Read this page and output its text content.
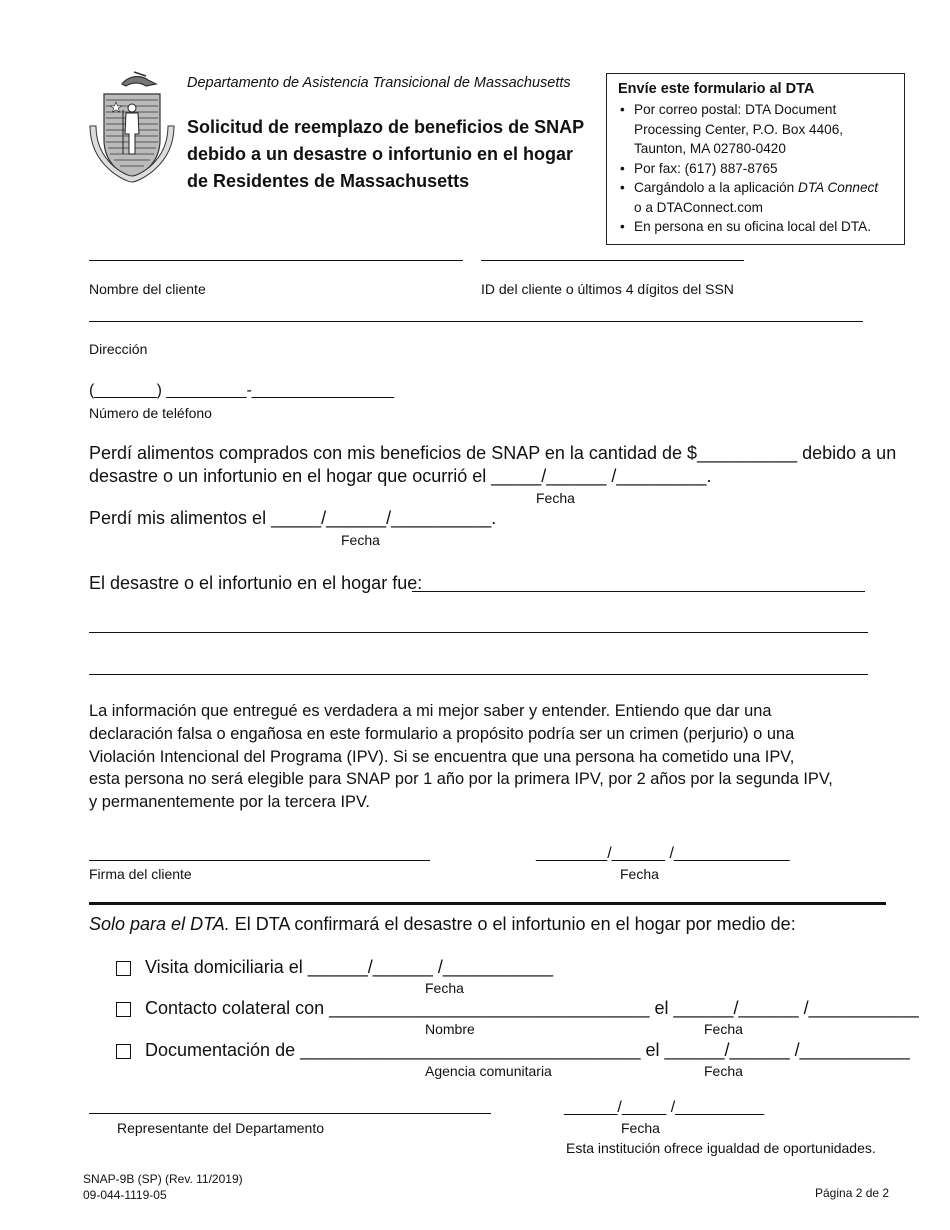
Departamento de Asistencia Transicional de Massachusetts
Solicitud de reemplazo de beneficios de SNAP
debido a un desastre o infortunio en el hogar
de Residentes de Massachusetts
Envíe este formulario al DTA
• Por correo postal: DTA Document
Processing Center, P.O. Box 4406,
Taunton, MA 02780-0420
• Por fax: (617) 887-8765
• Cargándolo a la aplicación DTA Connect
o a DTAConnect.com
• En persona en su oficina local del DTA.
Nombre del cliente	ID del cliente o últimos 4 dígitos del SSN
Dirección
(_______) _________-________________
Número de teléfono
Perdí alimentos comprados con mis beneficios de SNAP en la cantidad de $__________ debido a un
desastre o un infortunio en el hogar que ocurrió el _____/______ /_________.
Fecha
Perdí mis alimentos el _____/______/__________.
Fecha
El desastre o el infortunio en el hogar fue:
La información que entregué es verdadera a mi mejor saber y entender. Entiendo que dar una
declaración falsa o engañosa en este formulario a propósito podría ser un crimen (perjurio) o una
Violación Intencional del Programa (IPV). Si se encuentra que una persona ha cometido una IPV,
esta persona no será elegible para SNAP por 1 año por la primera IPV, por 2 años por la segunda IPV,
y permanentemente por la tercera IPV.
Firma del cliente
________/______ /_____________
Fecha
Solo para el DTA. El DTA confirmará el desastre o el infortunio en el hogar por medio de:
Visita domiciliaria el ______/______ /___________
Fecha
Contacto colateral con ________________________________ el ______/______ /___________
Nombre	Fecha
Documentación de __________________________________ el ______/______ /___________
Agencia comunitaria	Fecha
Representante del Departamento
______/_____ /__________
Fecha
Esta institución ofrece igualdad de oportunidades.
SNAP-9B (SP) (Rev. 11/2019)
09-044-1119-05	Página 2 de 2
